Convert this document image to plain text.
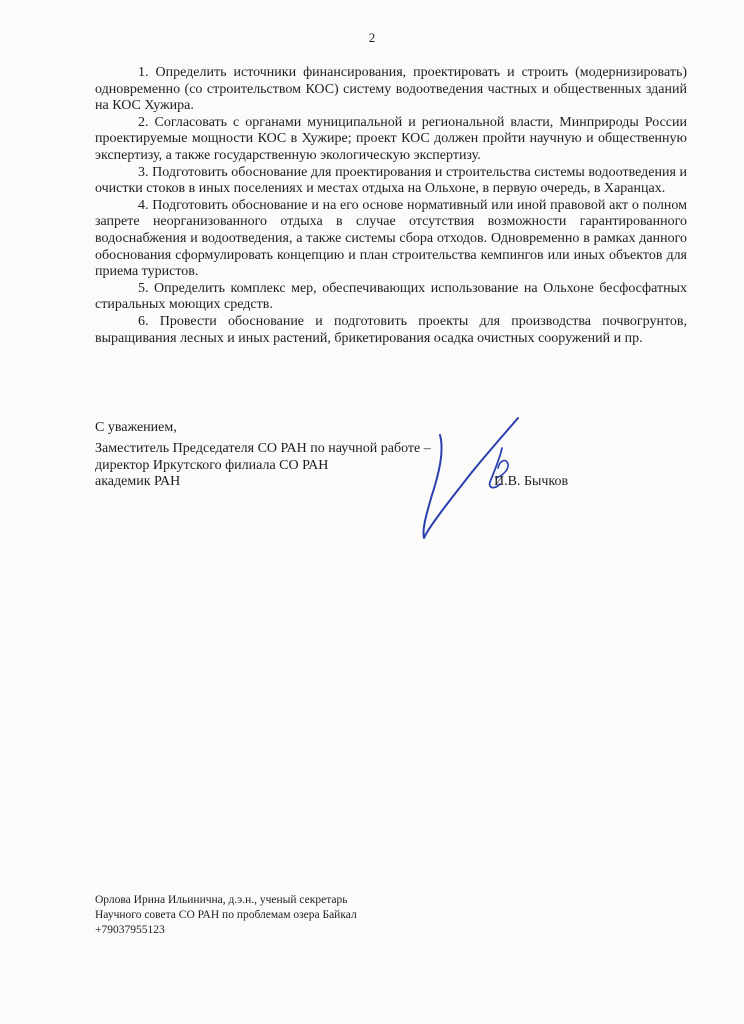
2

1. Определить источники финансирования, проектировать и строить (модернизировать) одновременно (со строительством КОС) систему водоотведения частных и общественных зданий на КОС Хужира.

2. Согласовать с органами муниципальной и региональной власти, Минприроды России проектируемые мощности КОС в Хужире; проект КОС должен пройти научную и общественную экспертизу, а также государственную экологическую экспертизу.

3. Подготовить обоснование для проектирования и строительства системы водоотведения и очистки стоков в иных поселениях и местах отдыха на Ольхоне, в первую очередь, в Харанцах.

4. Подготовить обоснование и на его основе нормативный или иной правовой акт о полном запрете неорганизованного отдыха в случае отсутствия возможности гарантированного водоснабжения и водоотведения, а также системы сбора отходов. Одновременно в рамках данного обоснования сформулировать концепцию и план строительства кемпингов или иных объектов для приема туристов.

5. Определить комплекс мер, обеспечивающих использование на Ольхоне бесфосфатных стиральных моющих средств.

6. Провести обоснование и подготовить проекты для производства почвогрунтов, выращивания лесных и иных растений, брикетирования осадка очистных сооружений и пр.

С уважением,
Заместитель Председателя СО РАН по научной работе –
директор Иркутского филиала СО РАН
академик РАН	И.В. Бычков
Орлова Ирина Ильинична, д.э.н., ученый секретарь
Научного совета СО РАН по проблемам озера Байкал
+79037955123
